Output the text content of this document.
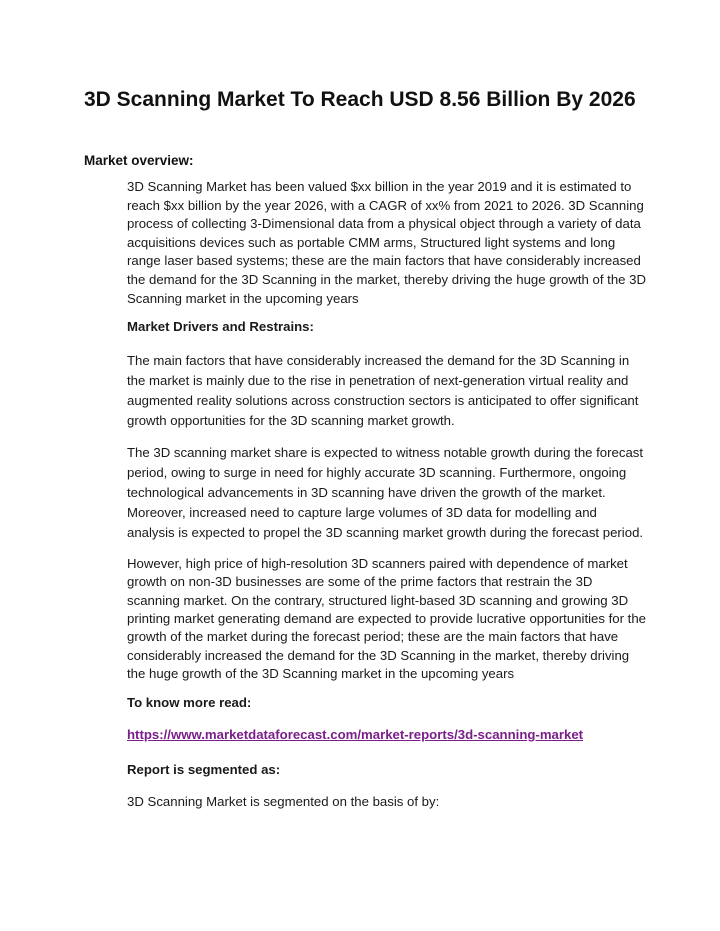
3D Scanning Market To Reach USD 8.56 Billion By 2026

Market overview:

3D Scanning Market has been valued $xx billion in the year 2019 and it is estimated to reach $xx billion by the year 2026, with a CAGR of xx% from 2021 to 2026. 3D Scanning process of collecting 3-Dimensional data from a physical object through a variety of data acquisitions devices such as portable CMM arms, Structured light systems and long range laser based systems; these are the main factors that have considerably increased the demand for the 3D Scanning in the market, thereby driving the huge growth of the 3D Scanning market in the upcoming years

Market Drivers and Restrains:

The main factors that have considerably increased the demand for the 3D Scanning in the market is mainly due to the rise in penetration of next-generation virtual reality and augmented reality solutions across construction sectors is anticipated to offer significant growth opportunities for the 3D scanning market growth.

The 3D scanning market share is expected to witness notable growth during the forecast period, owing to surge in need for highly accurate 3D scanning. Furthermore, ongoing technological advancements in 3D scanning have driven the growth of the market. Moreover, increased need to capture large volumes of 3D data for modelling and analysis is expected to propel the 3D scanning market growth during the forecast period.

However, high price of high-resolution 3D scanners paired with dependence of market growth on non-3D businesses are some of the prime factors that restrain the 3D scanning market. On the contrary, structured light-based 3D scanning and growing 3D printing market generating demand are expected to provide lucrative opportunities for the growth of the market during the forecast period; these are the main factors that have considerably increased the demand for the 3D Scanning in the market, thereby driving the huge growth of the 3D Scanning market in the upcoming years

To know more read:

https://www.marketdataforecast.com/market-reports/3d-scanning-market

Report is segmented as:

3D Scanning Market is segmented on the basis of by:
